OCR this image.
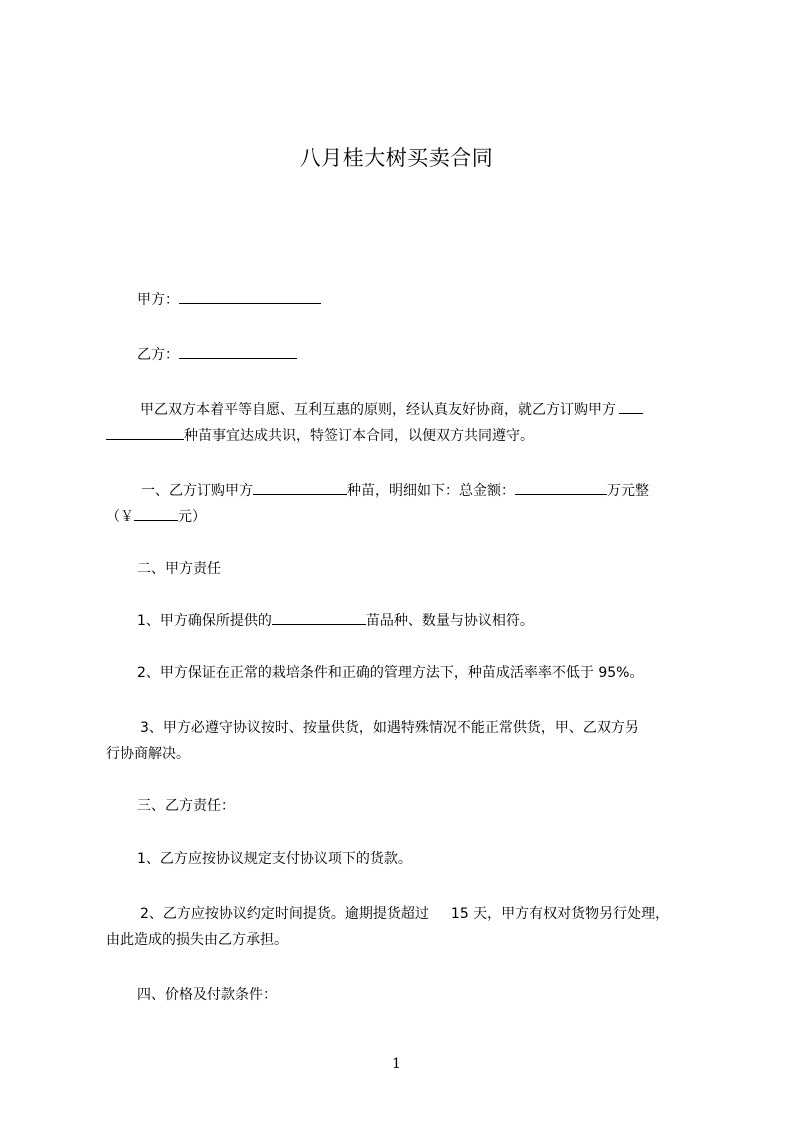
八月桂大树买卖合同
甲方：
乙方：
甲乙双方本着平等自愿、互利互惠的原则，经认真友好协商，就乙方订购甲方
种苗事宜达成共识，特签订本合同，以便双方共同遵守。
一、乙方订购甲方	种苗，明细如下：总金额：	万元整
（￥	元）
二、甲方责任
1、甲方确保所提供的	苗品种、数量与协议相符。
2、甲方保证在正常的栽培条件和正确的管理方法下，种苗成活率率不低于 95%。
3、甲方必遵守协议按时、按量供货，如遇特殊情况不能正常供货，甲、乙双方另
行协商解决。
三、乙方责任：
1、乙方应按协议规定支付协议项下的货款。
2、乙方应按协议约定时间提货。逾期提货超过 15 天，甲方有权对货物另行处理，
由此造成的损失由乙方承担。
四、价格及付款条件：
1
